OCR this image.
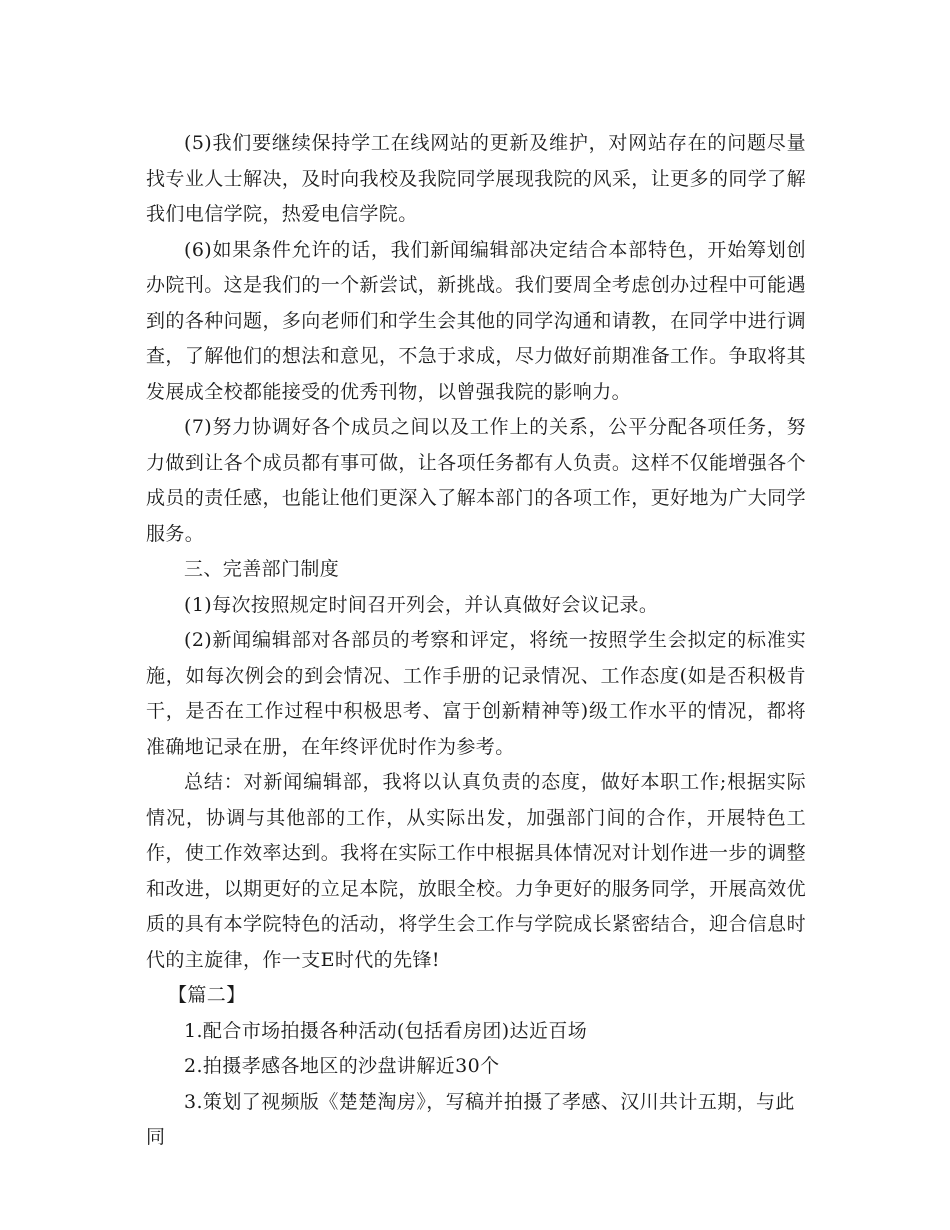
(5)我们要继续保持学工在线网站的更新及维护，对网站存在的问题尽量找专业人士解决，及时向我校及我院同学展现我院的风采，让更多的同学了解我们电信学院，热爱电信学院。

(6)如果条件允许的话，我们新闻编辑部决定结合本部特色，开始筹划创办院刊。这是我们的一个新尝试，新挑战。我们要周全考虑创办过程中可能遇到的各种问题，多向老师们和学生会其他的同学沟通和请教，在同学中进行调查，了解他们的想法和意见，不急于求成，尽力做好前期准备工作。争取将其发展成全校都能接受的优秀刊物，以曾强我院的影响力。

(7)努力协调好各个成员之间以及工作上的关系，公平分配各项任务，努力做到让各个成员都有事可做，让各项任务都有人负责。这样不仅能增强各个成员的责任感，也能让他们更深入了解本部门的各项工作，更好地为广大同学服务。

三、完善部门制度

(1)每次按照规定时间召开列会，并认真做好会议记录。

(2)新闻编辑部对各部员的考察和评定，将统一按照学生会拟定的标准实施，如每次例会的到会情况、工作手册的记录情况、工作态度(如是否积极肯干，是否在工作过程中积极思考、富于创新精神等)级工作水平的情况，都将准确地记录在册，在年终评优时作为参考。

总结：对新闻编辑部，我将以认真负责的态度，做好本职工作;根据实际情况，协调与其他部的工作，从实际出发，加强部门间的合作，开展特色工作，使工作效率达到。我将在实际工作中根据具体情况对计划作进一步的调整和改进，以期更好的立足本院，放眼全校。力争更好的服务同学，开展高效优质的具有本学院特色的活动，将学生会工作与学院成长紧密结合，迎合信息时代的主旋律，作一支E时代的先锋!

【篇二】

1.配合市场拍摄各种活动(包括看房团)达近百场

2.拍摄孝感各地区的沙盘讲解近30个

3.策划了视频版《楚楚淘房》，写稿并拍摄了孝感、汉川共计五期，与此同
